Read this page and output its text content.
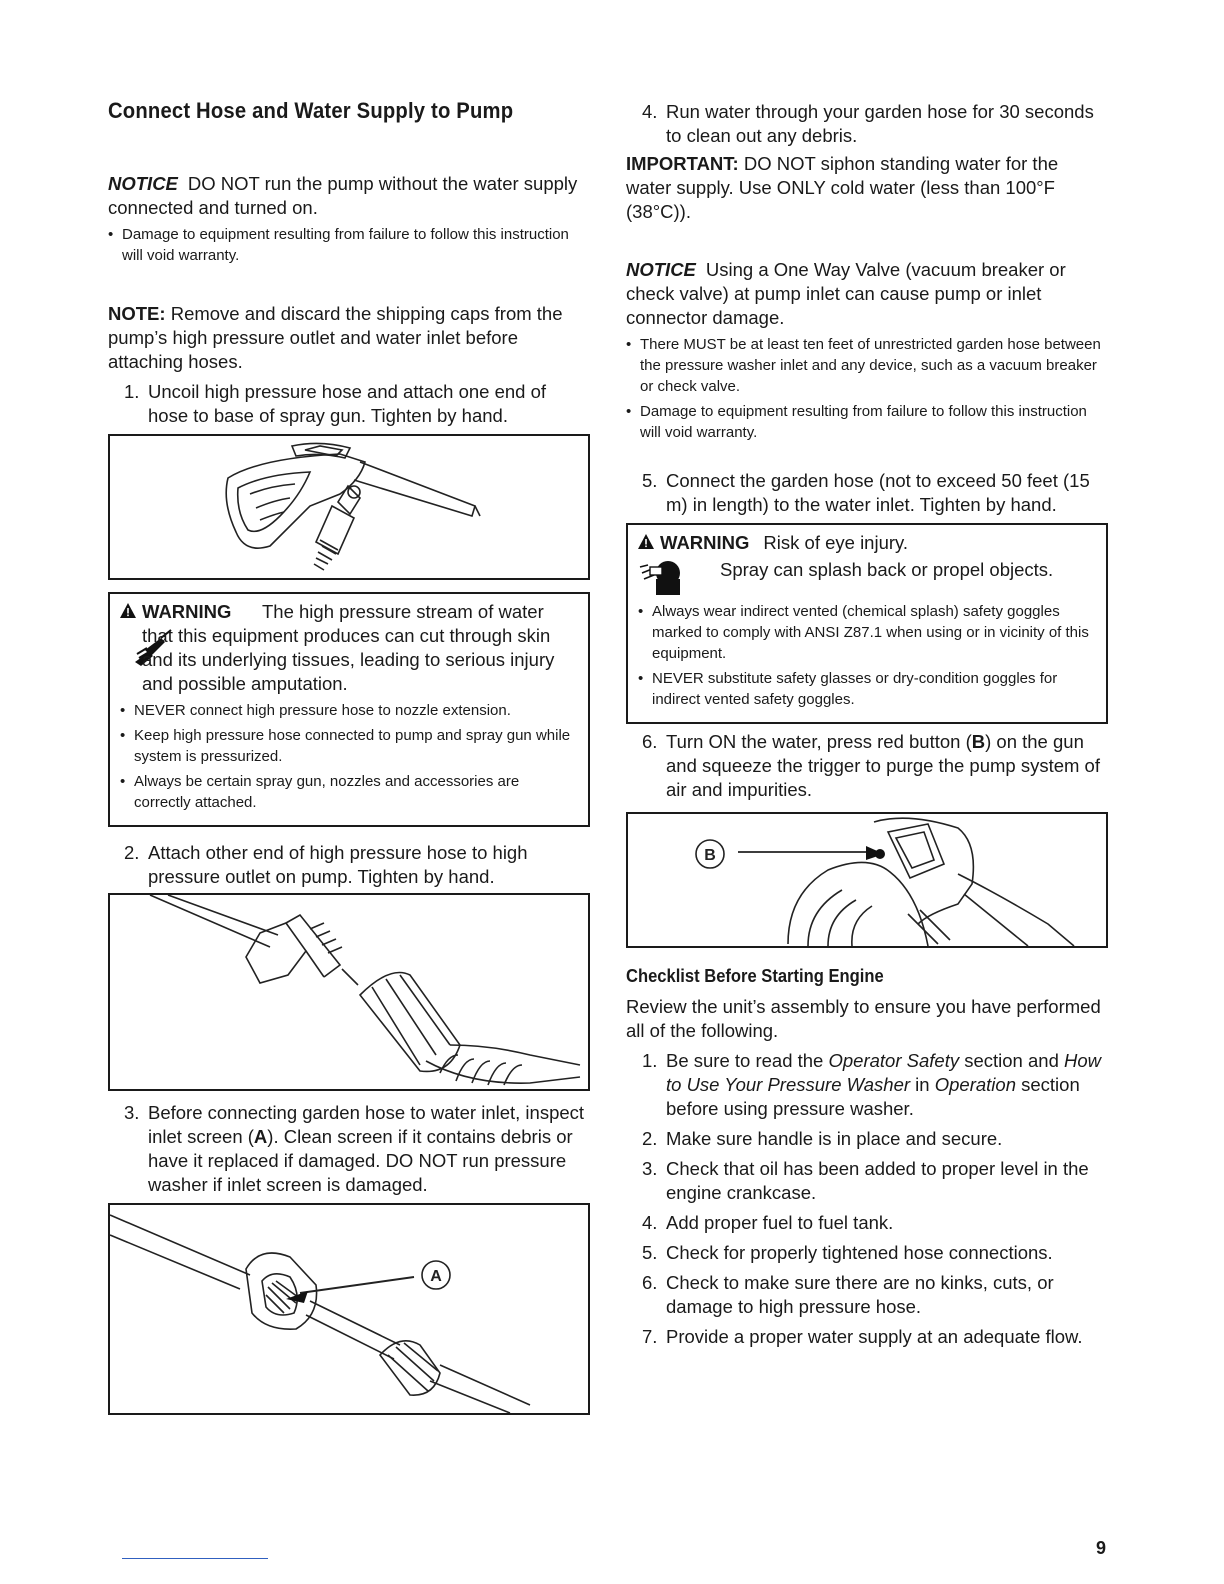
Connect Hose and Water Supply to Pump

NOTICE DO NOT run the pump without the water supply connected and turned on.

• Damage to equipment resulting from failure to follow this instruction will void warranty.

NOTE: Remove and discard the shipping caps from the pump’s high pressure outlet and water inlet before attaching hoses.

1. Uncoil high pressure hose and attach one end of hose to base of spray gun. Tighten by hand.

WARNING	The high pressure stream of water that this equipment produces can cut through skin and its underlying tissues, leading to serious injury and possible amputation.

• NEVER connect high pressure hose to nozzle extension.
• Keep high pressure hose connected to pump and spray gun while system is pressurized.
• Always be certain spray gun, nozzles and accessories are correctly attached.
2. Attach other end of high pressure hose to high pressure outlet on pump. Tighten by hand.
3. Before connecting garden hose to water inlet, inspect inlet screen (A). Clean screen if it contains debris or have it replaced if damaged. DO NOT run pressure washer if inlet screen is damaged.
A
4. Run water through your garden hose for 30 seconds to clean out any debris.

IMPORTANT: DO NOT siphon standing water for the water supply. Use ONLY cold water (less than 100°F (38°C)).

NOTICE Using a One Way Valve (vacuum breaker or check valve) at pump inlet can cause pump or inlet connector damage.

• There MUST be at least ten feet of unrestricted garden hose between the pressure washer inlet and any device, such as a vacuum breaker or check valve.
• Damage to equipment resulting from failure to follow this instruction will void warranty.
5. Connect the garden hose (not to exceed 50 feet (15 m) in length) to the water inlet. Tighten by hand.

WARNING Risk of eye injury.

Spray can splash back or propel objects.

• Always wear indirect vented (chemical splash) safety goggles marked to comply with ANSI Z87.1 when using or in vicinity of this equipment.
• NEVER substitute safety glasses or dry-condition goggles for indirect vented safety goggles.
6. Turn ON the water, press red button (B) on the gun and squeeze the trigger to purge the pump system of air and impurities.
B
Checklist Before Starting Engine

Review the unit’s assembly to ensure you have performed all of the following.

1. Be sure to read the Operator Safety section and How to Use Your Pressure Washer in Operation section before using pressure washer.
2. Make sure handle is in place and secure.
3. Check that oil has been added to proper level in the engine crankcase.
4. Add proper fuel to fuel tank.
5. Check for properly tightened hose connections.
6. Check to make sure there are no kinks, cuts, or damage to high pressure hose.
7. Provide a proper water supply at an adequate flow.
9
